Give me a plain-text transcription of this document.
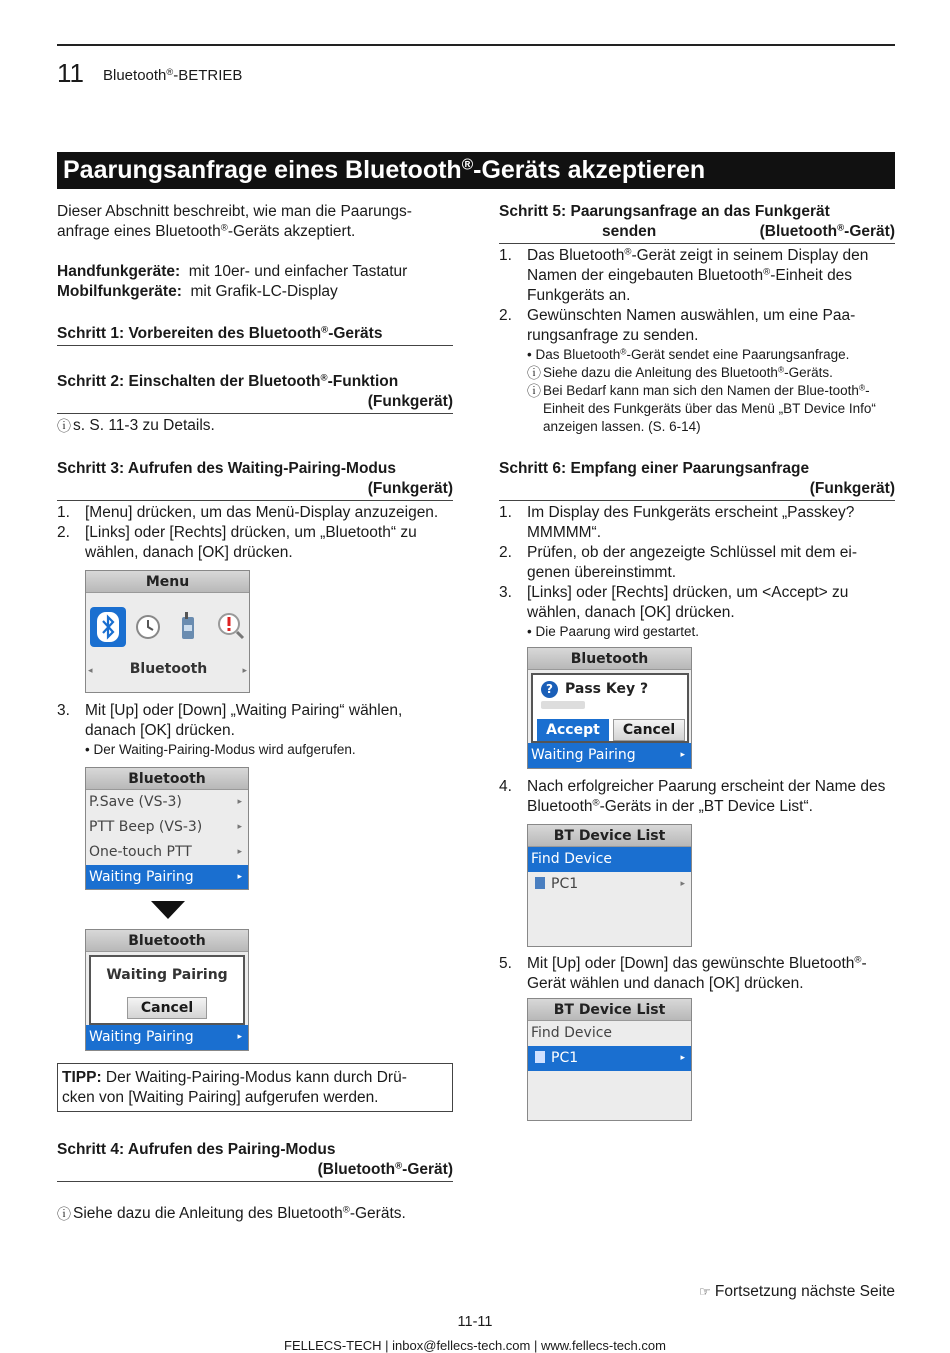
11 Bluetooth®-BETRIEB
Paarungsanfrage eines Bluetooth®-Geräts akzeptieren
Dieser Abschnitt beschreibt, wie man die Paarungs-
anfrage eines Bluetooth®-Geräts akzeptiert.
Handfunkgeräte: mit 10er- und einfacher Tastatur
Mobilfunkgeräte: mit Grafik-LC-Display
Schritt 1: Vorbereiten des Bluetooth®-Geräts
Schritt 2: Einschalten der Bluetooth®-Funktion
(Funkgerät)
ⓘ s. S. 11-3 zu Details.
Schritt 3: Aufrufen des Waiting-Pairing-Modus
(Funkgerät)
1. [Menu] drücken, um das Menü-Display anzuzeigen.
2. [Links] oder [Rechts] drücken, um „Bluetooth“ zu wählen, danach [OK] drücken.
Menu
Bluetooth
◂	▸
3. Mit [Up] oder [Down] „Waiting Pairing“ wählen, danach [OK] drücken.
• Der Waiting-Pairing-Modus wird aufgerufen.
Bluetooth
P.Save (VS-3)	▸
PTT Beep (VS-3)	▸
One-touch PTT	▸
Waiting Pairing	▸
Bluetooth
Waiting Pairing
Cancel
Waiting Pairing	▸
TIPP: Der Waiting-Pairing-Modus kann durch Drü-
cken von [Waiting Pairing] aufgerufen werden.
Schritt 4: Aufrufen des Pairing-Modus
(Bluetooth®-Gerät)
ⓘ Siehe dazu die Anleitung des Bluetooth®-Geräts.
Schritt 5: Paarungsanfrage an das Funkgerät
senden	(Bluetooth®-Gerät)
1. Das Bluetooth®-Gerät zeigt in seinem Display den Namen der eingebauten Bluetooth®-Einheit des Funkgeräts an.
2. Gewünschten Namen auswählen, um eine Paa-rungsanfrage zu senden.
• Das Bluetooth®-Gerät sendet eine Paarungsanfrage.
ⓘ Siehe dazu die Anleitung des Bluetooth®-Geräts.
ⓘ Bei Bedarf kann man sich den Namen der Blue-tooth®-Einheit des Funkgeräts über das Menü „BT Device Info“ anzeigen lassen. (S. 6-14)
Schritt 6: Empfang einer Paarungsanfrage
(Funkgerät)
1. Im Display des Funkgeräts erscheint „Passkey? MMMMM“.
2. Prüfen, ob der angezeigte Schlüssel mit dem ei-genen übereinstimmt.
3. [Links] oder [Rechts] drücken, um <Accept> zu wählen, danach [OK] drücken.
• Die Paarung wird gestartet.
Bluetooth
? Pass Key ?
Accept	Cancel
Waiting Pairing	▸
4. Nach erfolgreicher Paarung erscheint der Name des Bluetooth®-Geräts in der „BT Device List“.
BT Device List
Find Device
PC1	▸
5. Mit [Up] oder [Down] das gewünschte Bluetooth®-Gerät wählen und danach [OK] drücken.
BT Device List
Find Device
PC1	▸
☞ Fortsetzung nächste Seite
11-11
FELLECS-TECH | inbox@fellecs-tech.com | www.fellecs-tech.com
